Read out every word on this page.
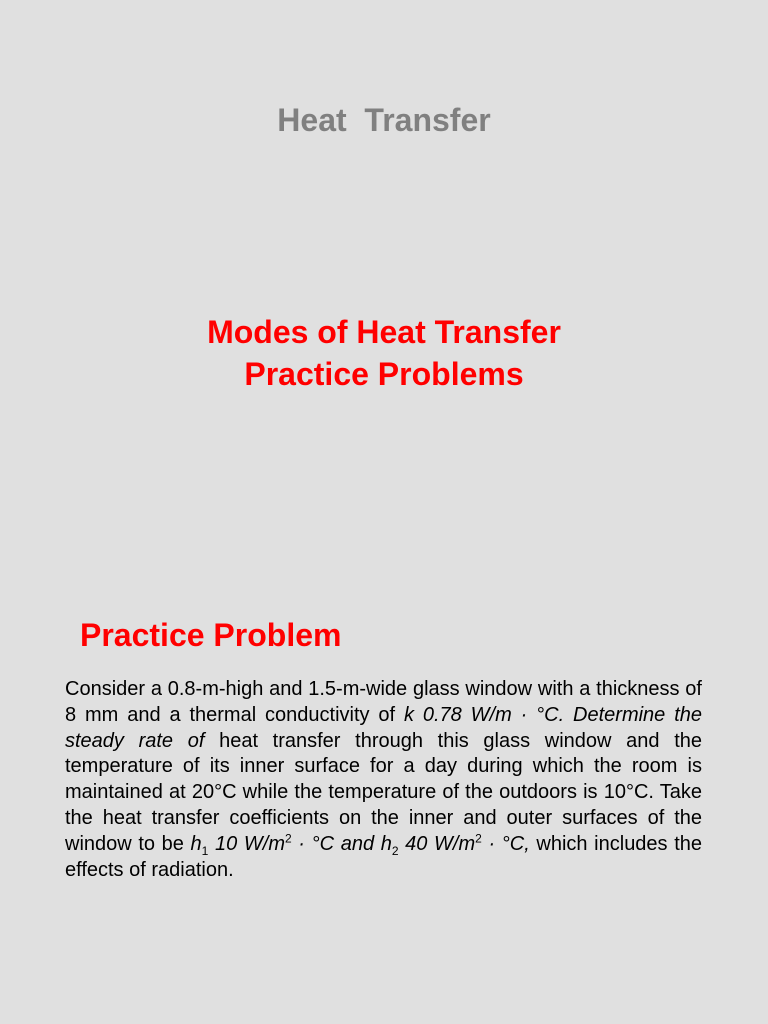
Heat  Transfer
Modes of Heat Transfer
Practice Problems
Practice Problem
Consider a 0.8-m-high and 1.5-m-wide glass window with a thickness of 8 mm and a thermal conductivity of k 0.78 W/m · °C. Determine the steady rate of heat transfer through this glass window and the temperature of its inner surface for a day during which the room is maintained at 20°C while the temperature of the outdoors is 10°C. Take the heat transfer coefficients on the inner and outer surfaces of the window to be $h_1$ 10 $W/m^2 \cdot ^\circ C$ and $h_2$ 40 $W/m^2 \cdot ^\circ C$, which includes the effects of radiation.
